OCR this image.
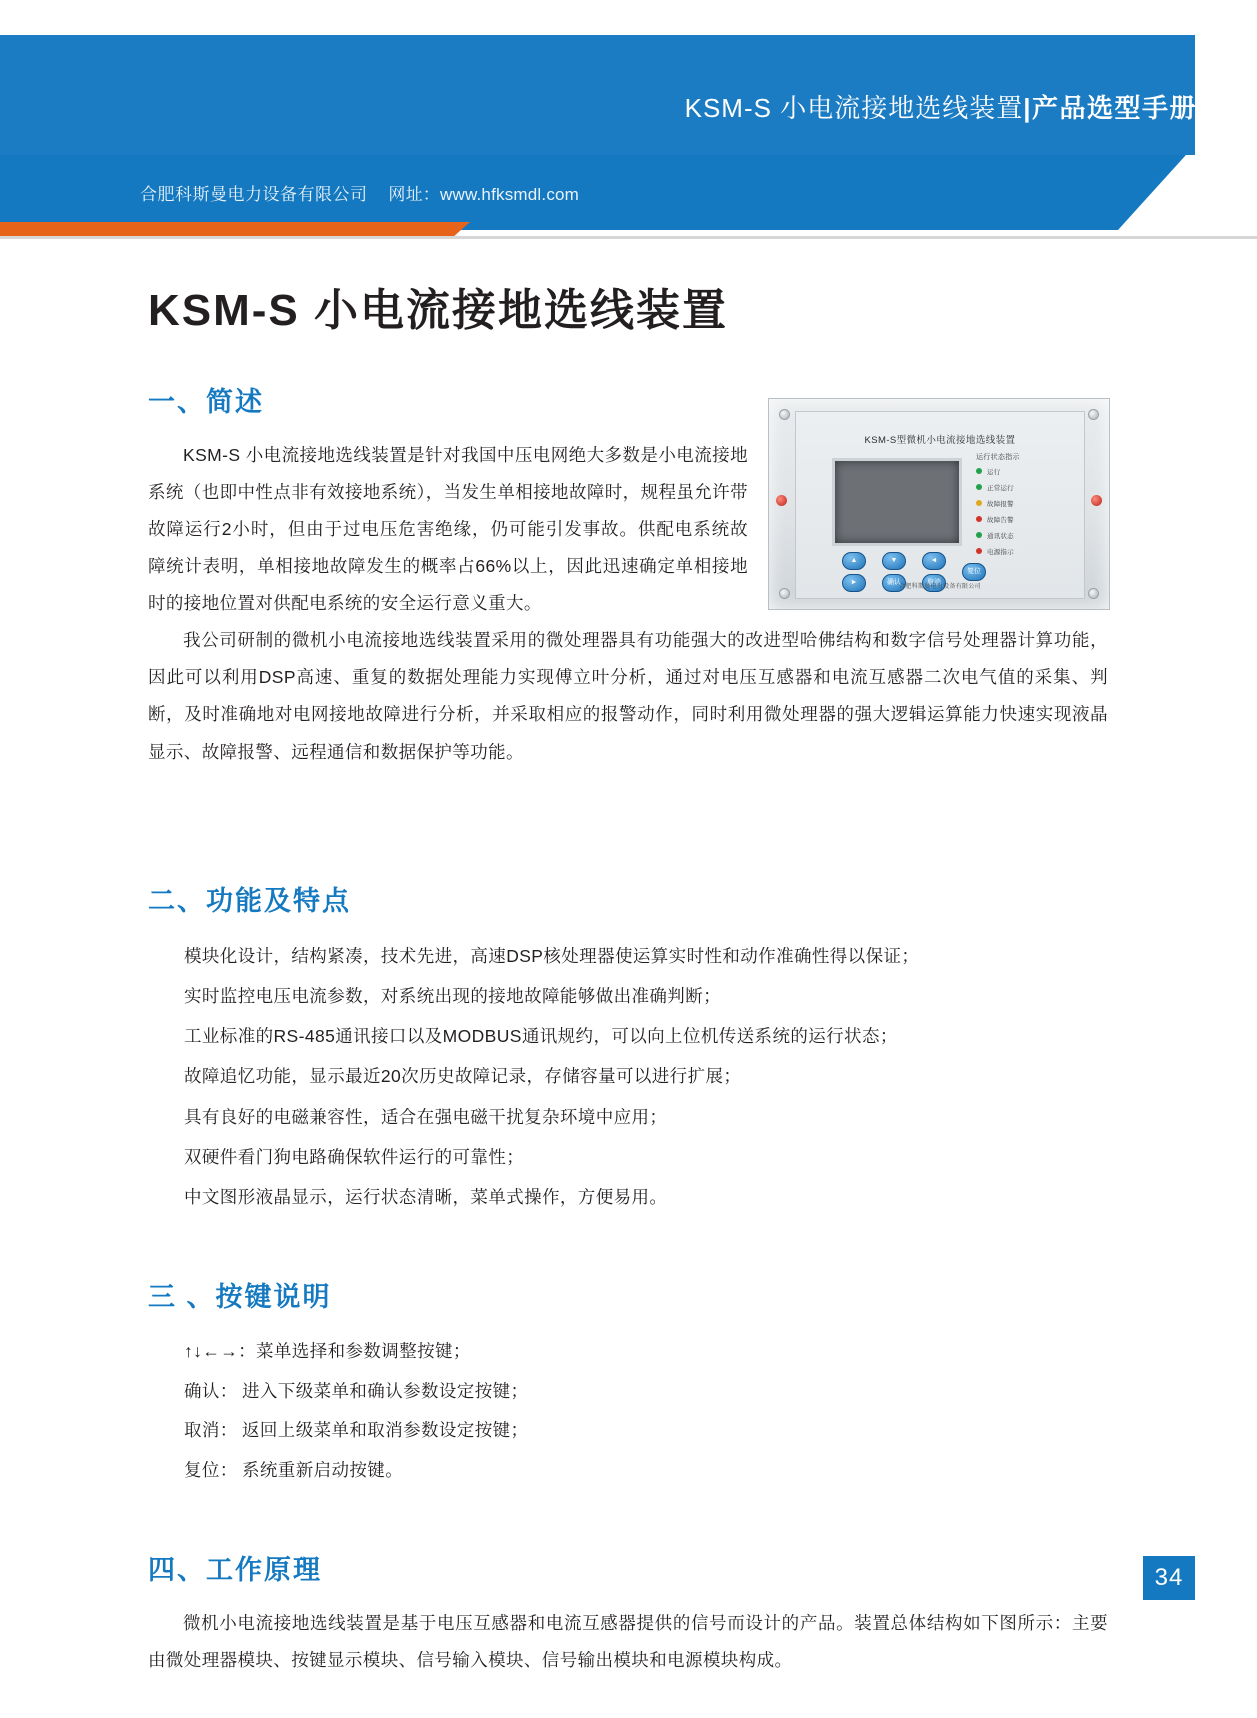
KSM-S 小电流接地选线装置|产品选型手册
合肥科斯曼电力设备有限公司 网址：www.hfksmdl.com
KSM-S 小电流接地选线装置
一、简述
KSM-S型微机小电流接地选线装置
运行状态指示
运行
正常运行
故障报警
故障告警
通讯状态
电源指示
▲	▼	◄
►	确认	取消
复位
合肥科斯曼电力设备有限公司

KSM-S 小电流接地选线装置是针对我国中压电网绝大多数是小电流接地系统（也即中性点非有效接地系统），当发生单相接地故障时，规程虽允许带故障运行2小时，但由于过电压危害绝缘，仍可能引发事故。供配电系统故障统计表明，单相接地故障发生的概率占66%以上，因此迅速确定单相接地时的接地位置对供配电系统的安全运行意义重大。

我公司研制的微机小电流接地选线装置采用的微处理器具有功能强大的改进型哈佛结构和数字信号处理器计算功能，因此可以利用DSP高速、重复的数据处理能力实现傅立叶分析，通过对电压互感器和电流互感器二次电气值的采集、判断，及时准确地对电网接地故障进行分析，并采取相应的报警动作，同时利用微处理器的强大逻辑运算能力快速实现液晶显示、故障报警、远程通信和数据保护等功能。

二、功能及特点
模块化设计，结构紧凑，技术先进，高速DSP核处理器使运算实时性和动作准确性得以保证；
实时监控电压电流参数，对系统出现的接地故障能够做出准确判断；
工业标准的RS-485通讯接口以及MODBUS通讯规约，可以向上位机传送系统的运行状态；
故障追忆功能，显示最近20次历史故障记录，存储容量可以进行扩展；
具有良好的电磁兼容性，适合在强电磁干扰复杂环境中应用；
双硬件看门狗电路确保软件运行的可靠性；
中文图形液晶显示，运行状态清晰，菜单式操作，方便易用。
三 、按键说明
↑↓←→：菜单选择和参数调整按键；
确认： 进入下级菜单和确认参数设定按键；
取消： 返回上级菜单和取消参数设定按键；
复位： 系统重新启动按键。
四、工作原理

微机小电流接地选线装置是基于电压互感器和电流互感器提供的信号而设计的产品。装置总体结构如下图所示：主要由微处理器模块、按键显示模块、信号输入模块、信号输出模块和电源模块构成。

34
